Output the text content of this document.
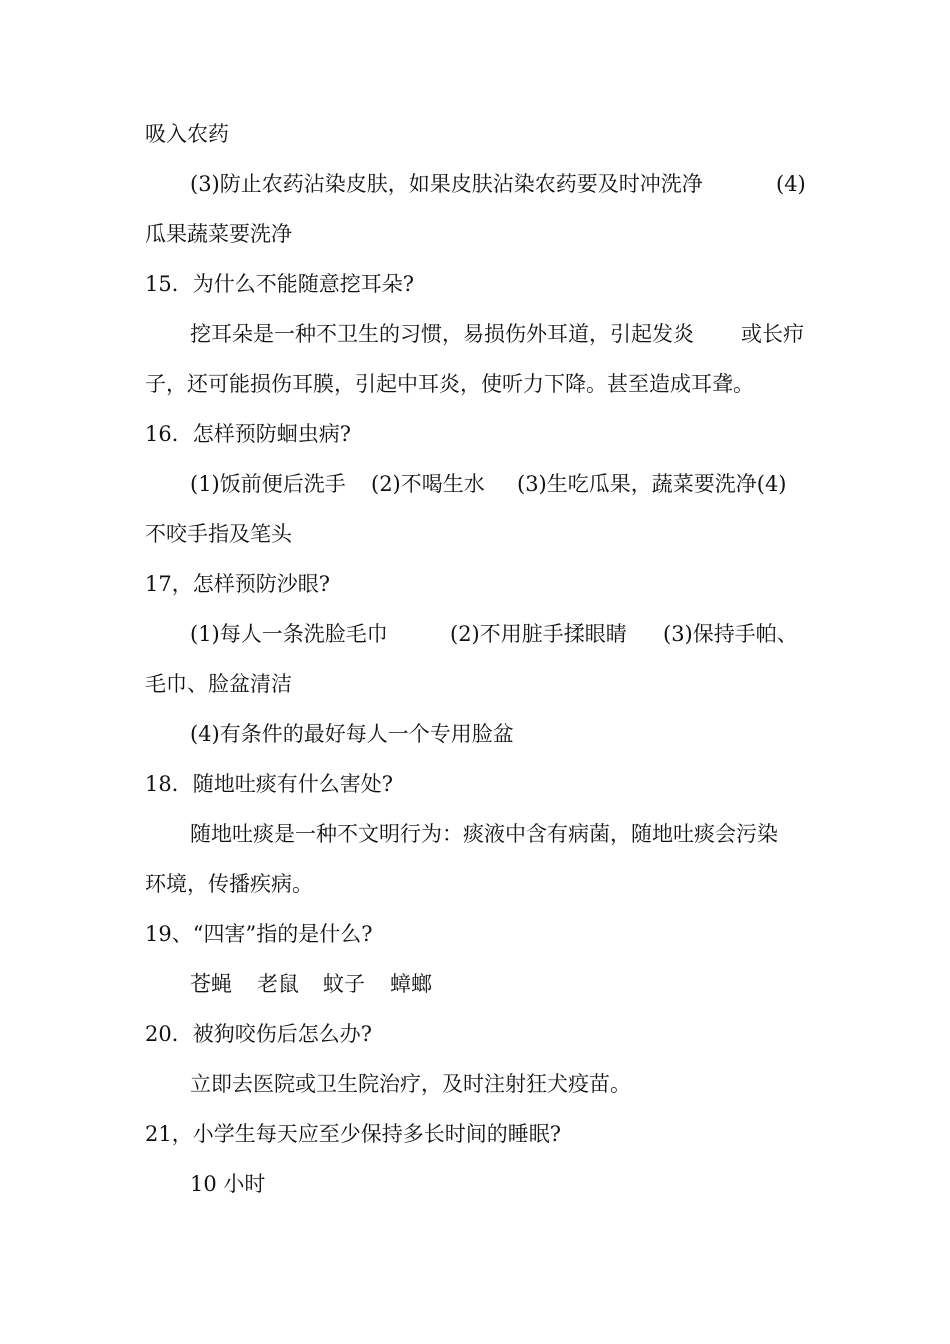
吸入农药
(3)防止农药沾染皮肤，如果皮肤沾染农药要及时冲洗净	(4)
瓜果蔬菜要洗净
15．为什么不能随意挖耳朵?
挖耳朵是一种不卫生的习惯，易损伤外耳道，引起发炎 或长疖
子，还可能损伤耳膜，引起中耳炎，使听力下降。甚至造成耳聋。
16．怎样预防蛔虫病?
(1)饭前便后洗手 (2)不喝生水 (3)生吃瓜果，蔬菜要洗净(4)
不咬手指及笔头
17，怎样预防沙眼?
(1)每人一条洗脸毛巾	(2)不用脏手揉眼睛 (3)保持手帕、
毛巾、脸盆清洁
(4)有条件的最好每人一个专用脸盆
18．随地吐痰有什么害处?
随地吐痰是一种不文明行为：痰液中含有病菌，随地吐痰会污染
环境，传播疾病。
19、“四害”指的是什么?
苍蝇 老鼠 蚊子 蟑螂
20．被狗咬伤后怎么办?
立即去医院或卫生院治疗，及时注射狂犬疫苗。
21，小学生每天应至少保持多长时间的睡眠?
10 小时
